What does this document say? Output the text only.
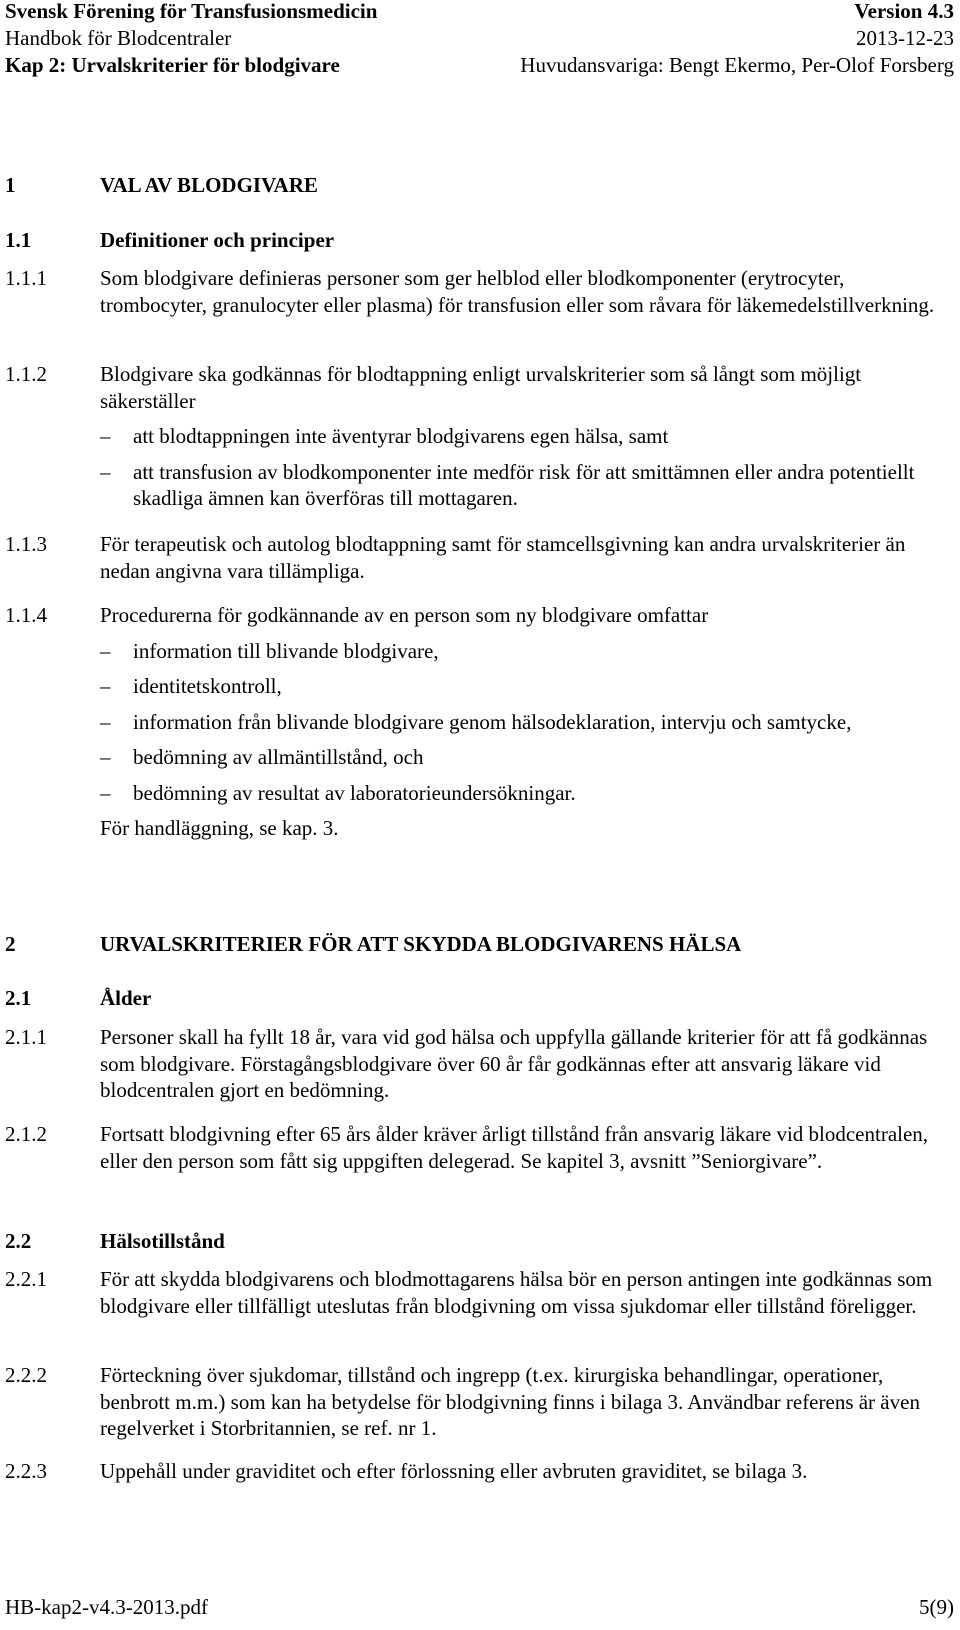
Svensk Förening för Transfusionsmedicin	Version 4.3
Handbok för Blodcentraler	2013-12-23
Kap 2: Urvalskriterier för blodgivare	Huvudansvariga: Bengt Ekermo, Per-Olof Forsberg
1	VAL AV BLODGIVARE
1.1	Definitioner och principer
1.1.1	Som blodgivare definieras personer som ger helblod eller blodkomponenter (erytrocyter, trombocyter, granulocyter eller plasma) för transfusion eller som råvara för läkemedelstillverkning.
1.1.2	Blodgivare ska godkännas för blodtappning enligt urvalskriterier som så långt som möjligt säkerställer
– att blodtappningen inte äventyrar blodgivarens egen hälsa, samt
– att transfusion av blodkomponenter inte medför risk för att smittämnen eller andra potentiellt skadliga ämnen kan överföras till mottagaren.
1.1.3	För terapeutisk och autolog blodtappning samt för stamcellsgivning kan andra urvalskriterier än nedan angivna vara tillämpliga.
1.1.4	Procedurerna för godkännande av en person som ny blodgivare omfattar
– information till blivande blodgivare,
– identitetskontroll,
– information från blivande blodgivare genom hälsodeklaration, intervju och samtycke,
– bedömning av allmäntillstånd, och
– bedömning av resultat av laboratorieundersökningar.
För handläggning, se kap. 3.
2	URVALSKRITERIER FÖR ATT SKYDDA BLODGIVARENS HÄLSA
2.1	Ålder
2.1.1	Personer skall ha fyllt 18 år, vara vid god hälsa och uppfylla gällande kriterier för att få godkännas som blodgivare. Förstagångsblodgivare över 60 år får godkännas efter att ansvarig läkare vid blodcentralen gjort en bedömning.
2.1.2	Fortsatt blodgivning efter 65 års ålder kräver årligt tillstånd från ansvarig läkare vid blodcentralen, eller den person som fått sig uppgiften delegerad. Se kapitel 3, avsnitt ”Seniorgivare”.
2.2	Hälsotillstånd
2.2.1	För att skydda blodgivarens och blodmottagarens hälsa bör en person antingen inte godkännas som blodgivare eller tillfälligt uteslutas från blodgivning om vissa sjukdomar eller tillstånd föreligger.
2.2.2	Förteckning över sjukdomar, tillstånd och ingrepp (t.ex. kirurgiska behandlingar, operationer, benbrott m.m.) som kan ha betydelse för blodgivning finns i bilaga 3. Användbar referens är även regelverket i Storbritannien, se ref. nr 1.
2.2.3	Uppehåll under graviditet och efter förlossning eller avbruten graviditet, se bilaga 3.
HB-kap2-v4.3-2013.pdf	5(9)
